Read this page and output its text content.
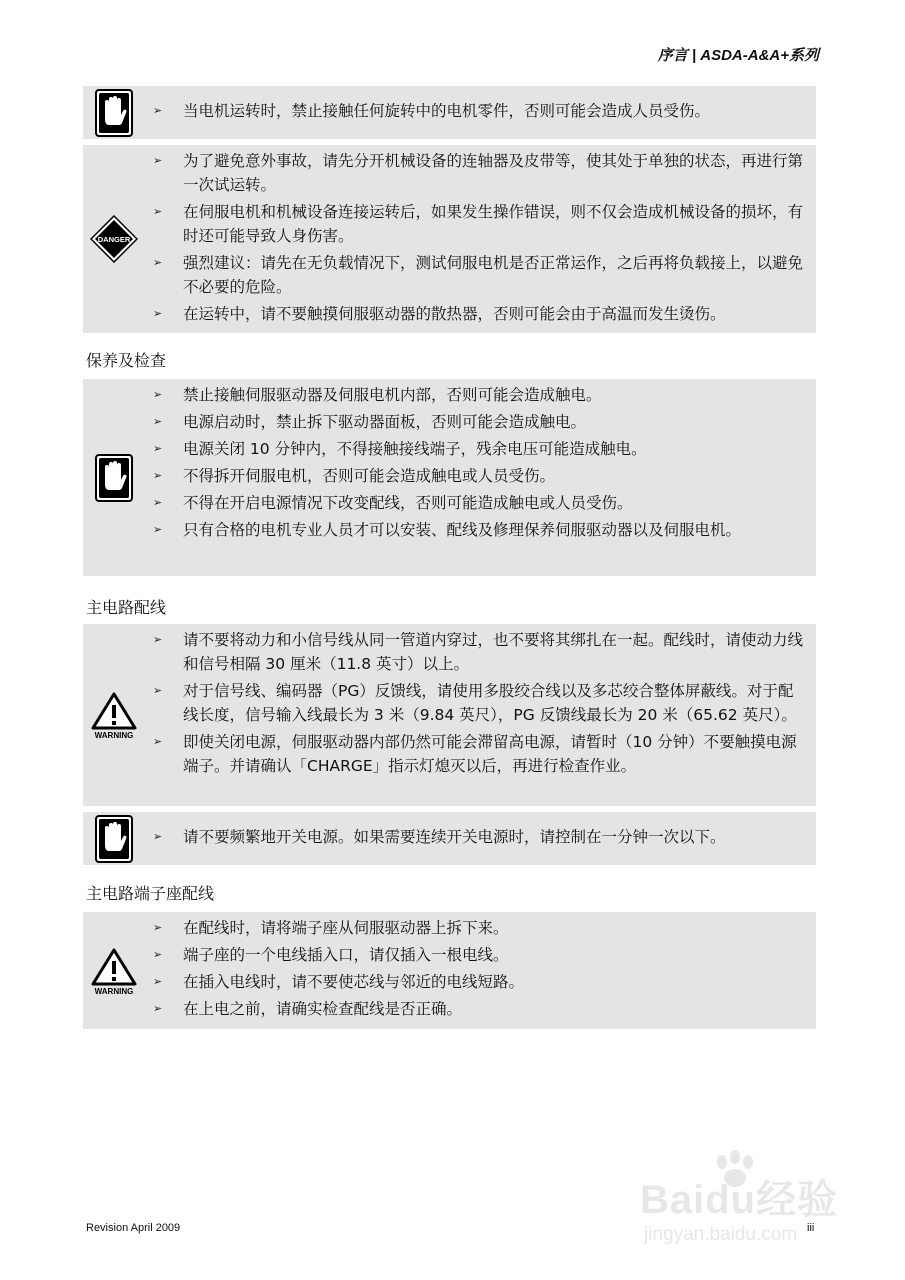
序言 | ASDA-A&A+系列
STOP
➢ 当电机运转时，禁止接触任何旋转中的电机零件，否则可能会造成人员受伤。
DANGER
➢ 为了避免意外事故，请先分开机械设备的连轴器及皮带等，使其处于单独的状态，再进行第一次试运转。
➢ 在伺服电机和机械设备连接运转后，如果发生操作错误，则不仅会造成机械设备的损坏，有时还可能导致人身伤害。
➢ 强烈建议：请先在无负载情况下，测试伺服电机是否正常运作，之后再将负载接上，以避免不必要的危险。
➢ 在运转中，请不要触摸伺服驱动器的散热器，否则可能会由于高温而发生烫伤。
保养及检查
STOP
➢ 禁止接触伺服驱动器及伺服电机内部，否则可能会造成触电。
➢ 电源启动时，禁止拆下驱动器面板，否则可能会造成触电。
➢ 电源关闭 10 分钟内，不得接触接线端子，残余电压可能造成触电。
➢ 不得拆开伺服电机，否则可能会造成触电或人员受伤。
➢ 不得在开启电源情况下改变配线，否则可能造成触电或人员受伤。
➢ 只有合格的电机专业人员才可以安装、配线及修理保养伺服驱动器以及伺服电机。
主电路配线
WARNING
➢ 请不要将动力和小信号线从同一管道内穿过，也不要将其绑扎在一起。配线时，请使动力线和信号相隔 30 厘米（11.8 英寸）以上。
➢ 对于信号线、编码器（PG）反馈线，请使用多股绞合线以及多芯绞合整体屏蔽线。对于配线长度，信号输入线最长为 3 米（9.84 英尺），PG 反馈线最长为 20 米（65.62 英尺）。
➢ 即使关闭电源，伺服驱动器内部仍然可能会滞留高电源，请暂时（10 分钟）不要触摸电源端子。并请确认「CHARGE」指示灯熄灭以后，再进行检查作业。
STOP
➢ 请不要频繁地开关电源。如果需要连续开关电源时，请控制在一分钟一次以下。
主电路端子座配线
WARNING
➢ 在配线时，请将端子座从伺服驱动器上拆下来。
➢ 端子座的一个电线插入口，请仅插入一根电线。
➢ 在插入电线时，请不要使芯线与邻近的电线短路。
➢ 在上电之前，请确实检查配线是否正确。
Baidu经验
jingyan.baidu.com
Revision April 2009	iii
